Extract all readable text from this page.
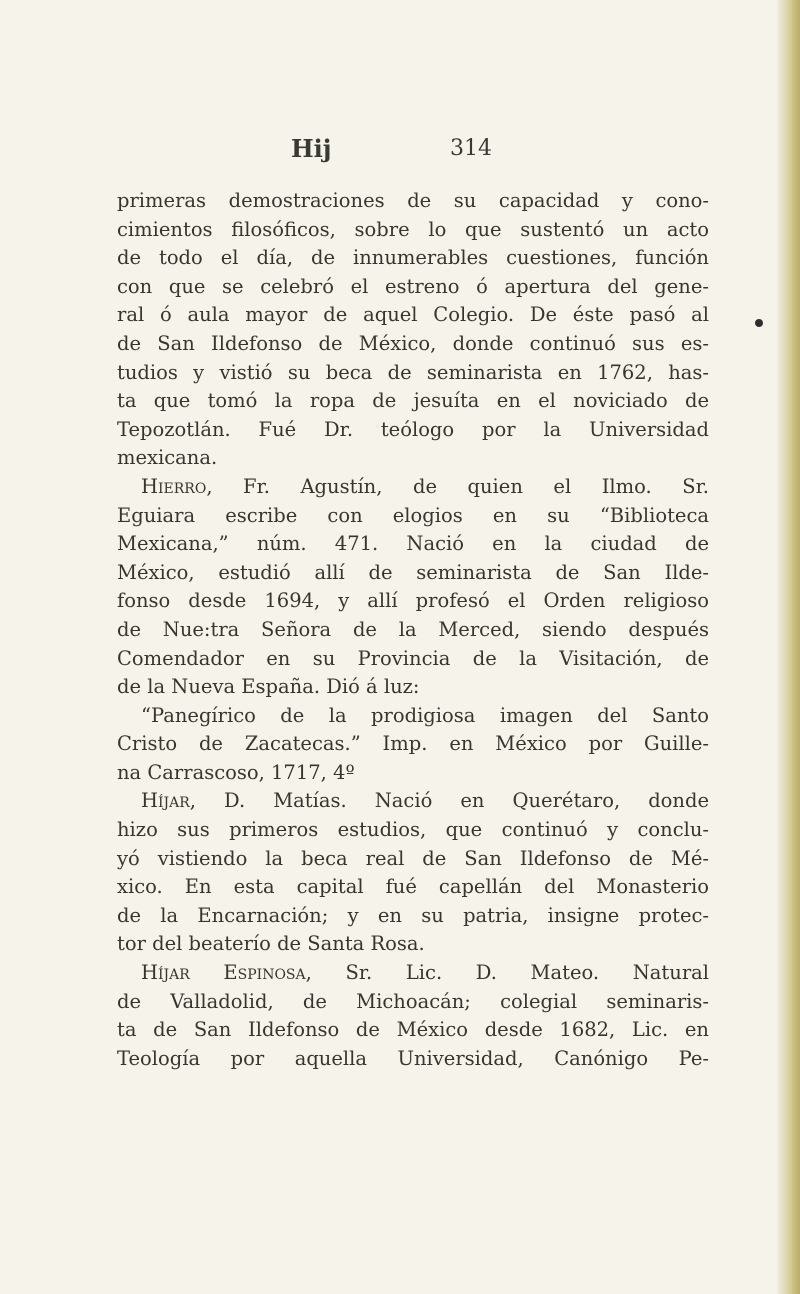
Hij	314
primeras demostraciones de su capacidad y cono-
cimientos filosóficos, sobre lo que sustentó un acto
de todo el día, de innumerables cuestiones, función
con que se celebró el estreno ó apertura del gene-
ral ó aula mayor de aquel Colegio. De éste pasó al
de San Ildefonso de México, donde continuó sus es-
tudios y vistió su beca de seminarista en 1762, has-
ta que tomó la ropa de jesuíta en el noviciado de
Tepozotlán. Fué Dr. teólogo por la Universidad
mexicana.
Hierro, Fr. Agustín, de quien el Ilmo. Sr.
Eguiara escribe con elogios en su “Biblioteca
Mexicana,” núm. 471. Nació en la ciudad de
México, estudió allí de seminarista de San Ilde-
fonso desde 1694, y allí profesó el Orden religioso
de Nue:tra Señora de la Merced, siendo después
Comendador en su Provincia de la Visitación, de
de la Nueva España. Dió á luz:
“Panegírico de la prodigiosa imagen del Santo
Cristo de Zacatecas.” Imp. en México por Guille-
na Carrascoso, 1717, 4º
Híjar, D. Matías. Nació en Querétaro, donde
hizo sus primeros estudios, que continuó y conclu-
yó vistiendo la beca real de San Ildefonso de Mé-
xico. En esta capital fué capellán del Monasterio
de la Encarnación; y en su patria, insigne protec-
tor del beaterío de Santa Rosa.
Híjar Espinosa, Sr. Lic. D. Mateo. Natural
de Valladolid, de Michoacán; colegial seminaris-
ta de San Ildefonso de México desde 1682, Lic. en
Teología por aquella Universidad, Canónigo Pe-
